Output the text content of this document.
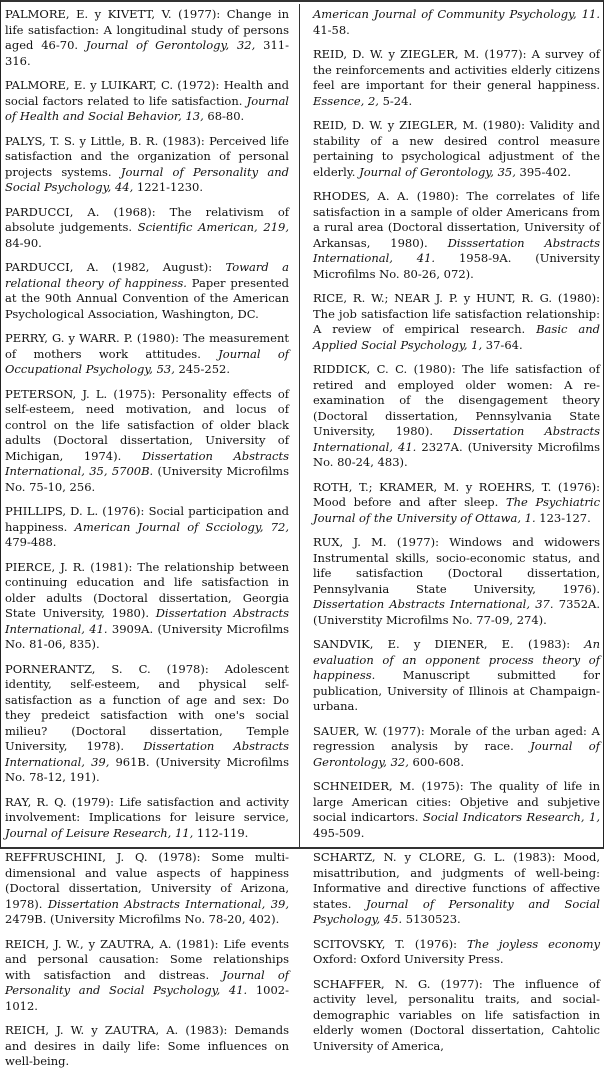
PALMORE, E. y KIVETT, V. (1977): Change in life satisfaction: A longitudinal study of persons aged 46-70. Journal of Gerontology, 32, 311-316.

PALMORE, E. y LUIKART, C. (1972): Health and social factors related to life satisfaction. Journal of Health and Social Behavior, 13, 68-80.

PALYS, T. S. y Little, B. R. (1983): Perceived life satisfaction and the organization of personal projects systems. Journal of Personality and Social Psychology, 44, 1221-1230.

PARDUCCI, A. (1968): The relativism of absolute judgements. Scientific American, 219, 84-90.

PARDUCCI, A. (1982, August): Toward a relational theory of happiness. Paper presented at the 90th Annual Convention of the American Psychological Association, Washington, DC.

PERRY, G. y WARR. P. (1980): The measurement of mothers work attitudes. Journal of Occupational Psychology, 53, 245-252.

PETERSON, J. L. (1975): Personality effects of self-esteem, need motivation, and locus of control on the life satisfaction of older black adults (Doctoral dissertation, University of Michigan, 1974). Dissertation Abstracts International, 35, 5700B. (University Microfilms No. 75-10, 256.

PHILLIPS, D. L. (1976): Social participation and happiness. American Journal of Scciology, 72, 479-488.

PIERCE, J. R. (1981): The relationship between continuing education and life satisfaction in older adults (Doctoral dissertation, Georgia State University, 1980). Dissertation Abstracts International, 41. 3909A. (University Microfilms No. 81-06, 835).

PORNERANTZ, S. C. (1978): Adolescent identity, self-esteem, and physical self-satisfaction as a function of age and sex: Do they predeict satisfaction with one's social milieu? (Doctoral dissertation, Temple University, 1978). Dissertation Abstracts International, 39, 961B. (University Microfilms No. 78-12, 191).

RAY, R. Q. (1979): Life satisfaction and activity involvement: Implications for leisure service, Journal of Leisure Research, 11, 112-119.

REFFRUSCHINI, J. Q. (1978): Some multi-dimensional and value aspects of happiness (Doctoral dissertation, University of Arizona, 1978). Dissertation Abstracts International, 39, 2479B. (University Microfilms No. 78-20, 402).

REICH, J. W., y ZAUTRA, A. (1981): Life events and personal causation: Some relationships with satisfaction and distreas. Journal of Personality and Social Psychology, 41. 1002-1012.

REICH, J. W. y ZAUTRA, A. (1983): Demands and desires in daily life: Some influences on well-being.

American Journal of Community Psychology, 11. 41-58.

REID, D. W. y ZIEGLER, M. (1977): A survey of the reinforcements and activities elderly citizens feel are important for their general happiness. Essence, 2, 5-24.

REID, D. W. y ZIEGLER, M. (1980): Validity and stability of a new desired control measure pertaining to psychological adjustment of the elderly. Journal of Gerontology, 35, 395-402.

RHODES, A. A. (1980): The correlates of life satisfaction in a sample of older Americans from a rural area (Doctoral dissertation, University of Arkansas, 1980). Disssertation Abstracts International, 41. 1958-9A. (University Microfilms No. 80-26, 072).

RICE, R. W.; NEAR J. P. y HUNT, R. G. (1980): The job satisfaction life satisfaction relationship: A review of empirical research. Basic and Applied Social Psychology, 1, 37-64.

RIDDICK, C. C. (1980): The life satisfaction of retired and employed older women: A re-examination of the disengagement theory (Doctoral dissertation, Pennsylvania State University, 1980). Dissertation Abstracts International, 41. 2327A. (University Microfilms No. 80-24, 483).

ROTH, T.; KRAMER, M. y ROEHRS, T. (1976): Mood before and after sleep. The Psychiatric Journal of the University of Ottawa, 1. 123-127.

RUX, J. M. (1977): Windows and widowers Instrumental skills, socio-economic status, and life satisfaction (Doctoral dissertation, Pennsylvania State University, 1976). Dissertation Abstracts International, 37. 7352A. (Universtity Microfilms No. 77-09, 274).

SANDVIK, E. y DIENER, E. (1983): An evaluation of an opponent process theory of happiness. Manuscript submitted for publication, University of Illinois at Champaign-urbana.

SAUER, W. (1977): Morale of the urban aged: A regression analysis by race. Journal of Gerontology, 32, 600-608.

SCHNEIDER, M. (1975): The quality of life in large American cities: Objetive and subjetive social indicartors. Social Indicators Research, 1, 495-509.

SCHARTZ, N. y CLORE, G. L. (1983): Mood, misattribution, and judgments of well-being: Informative and directive functions of affective states. Journal of Personality and Social Psychology, 45. 5130523.

SCITOVSKY, T. (1976): The joyless economy Oxford: Oxford University Press.

SCHAFFER, N. G. (1977): The influence of activity level, personalitu traits, and social-demographic variables on life satisfaction in elderly women (Doctoral dissertation, Cahtolic University of America,
